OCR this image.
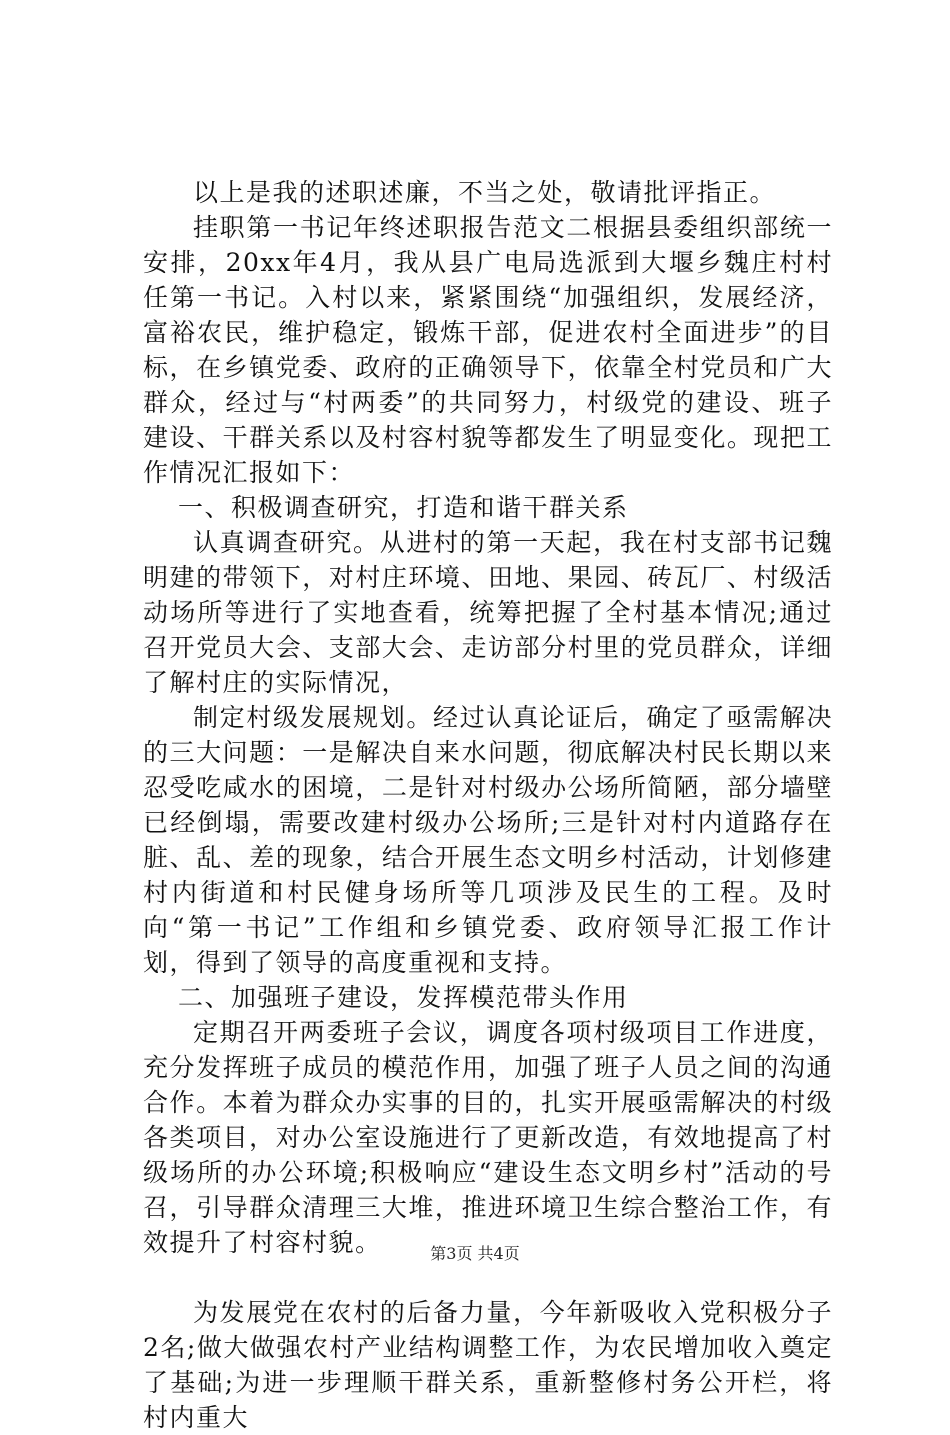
以上是我的述职述廉，不当之处，敬请批评指正。

挂职第一书记年终述职报告范文二根据县委组织部统一安排，20xx年4月，我从县广电局选派到大堰乡魏庄村村任第一书记。入村以来，紧紧围绕“加强组织，发展经济，富裕农民，维护稳定，锻炼干部，促进农村全面进步”的目标，在乡镇党委、政府的正确领导下，依靠全村党员和广大群众，经过与“村两委”的共同努力，村级党的建设、班子建设、干群关系以及村容村貌等都发生了明显变化。现把工作情况汇报如下：

一、积极调查研究，打造和谐干群关系

认真调查研究。从进村的第一天起，我在村支部书记魏明建的带领下，对村庄环境、田地、果园、砖瓦厂、村级活动场所等进行了实地查看，统筹把握了全村基本情况;通过召开党员大会、支部大会、走访部分村里的党员群众，详细了解村庄的实际情况，

制定村级发展规划。经过认真论证后，确定了亟需解决的三大问题：一是解决自来水问题，彻底解决村民长期以来忍受吃咸水的困境，二是针对村级办公场所简陋，部分墙壁已经倒塌，需要改建村级办公场所;三是针对村内道路存在脏、乱、差的现象，结合开展生态文明乡村活动，计划修建村内街道和村民健身场所等几项涉及民生的工程。及时向“第一书记”工作组和乡镇党委、政府领导汇报工作计划，得到了领导的高度重视和支持。

二、加强班子建设，发挥模范带头作用

定期召开两委班子会议，调度各项村级项目工作进度，充分发挥班子成员的模范作用，加强了班子人员之间的沟通合作。本着为群众办实事的目的，扎实开展亟需解决的村级各类项目，对办公室设施进行了更新改造，有效地提高了村级场所的办公环境;积极响应“建设生态文明乡村”活动的号召，引导群众清理三大堆，推进环境卫生综合整治工作，有效提升了村容村貌。

为发展党在农村的后备力量，今年新吸收入党积极分子2名;做大做强农村产业结构调整工作，为农民增加收入奠定了基础;为进一步理顺干群关系，重新整修村务公开栏，将村内重大

第3页 共4页
